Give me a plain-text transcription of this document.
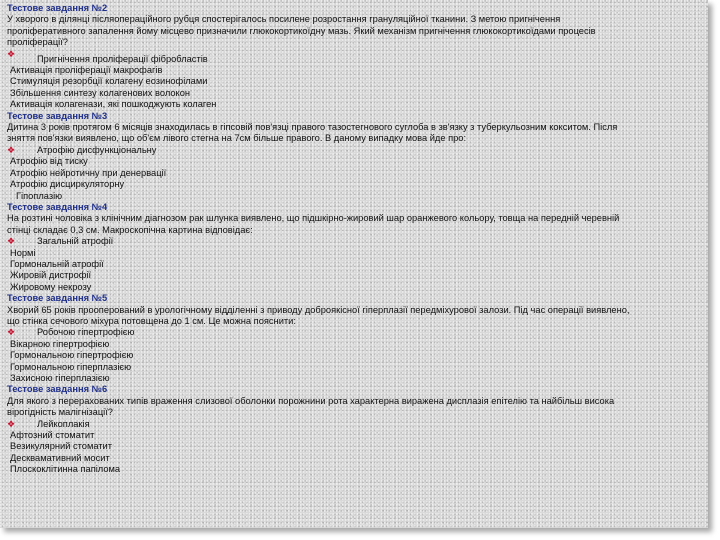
Тестове завдання №2
У хворого в ділянці післяопераційного рубця спостерігалось посилене розростання грануляційної тканини. З метою пригнічення
проліферативного запалення йому місцево призначили глюкокортикоїдну мазь. Який механізм пригнічення глюкокортикоїдами процесів
проліферації?
❖ Пригнічення проліферації фібробластів
Активація проліферації макрофагів
Стимуляція резорбції колагену еозинофілами
Збільшення синтезу колагенових волокон
Активація колагенази, які пошкоджують колаген
Тестове завдання №3
Дитина 3 років протягом 6 місяців знаходилась в гіпсовій пов'язці правого тазостегнового суглоба в зв'язку з туберкульозним кокситом. Після
зняття пов'язки виявлено, що об'єм лівого стегна на 7см більше правого. В даному випадку мова йде про:
❖ Атрофію дисфункціональну
Атрофію від тиску
Атрофію нейротичну при денервації
Атрофію дисциркуляторну
Гіпоплазію
Тестове завдання №4
На розтині чоловіка з клінічним діагнозом рак шлунка виявлено, що підшкірно-жировий шар оранжевого кольору, товща на передній черевній
стінці складає 0,3 см. Макроскопічна картина відповідає:
❖ Загальній атрофії
Нормі
Гормональній атрофії
Жировій дистрофії
Жировому некрозу
Тестове завдання №5
Хворий 65 років прооперований в урологічному відділенні з приводу доброякісної гіперплазії передміхурової залози. Під час операції виявлено,
що стінка сечового міхура потовщена до 1 см. Це можна пояснити:
❖ Робочою гіпертрофією
Вікарною гіпертрофією
Гормональною гіпертрофією
Гормональною гіперплазією
Захисною гіперплазією
Тестове завдання №6
Для якого з перерахованих типів враження слизової оболонки порожнини рота характерна виражена дисплазія епітелію та найбільш висока
вірогідність малігнізації?
❖ Лейкоплакія
Афтозний стоматит
Везикулярний стоматит
Десквамативний мосит
Плоскоклітинна папілома
